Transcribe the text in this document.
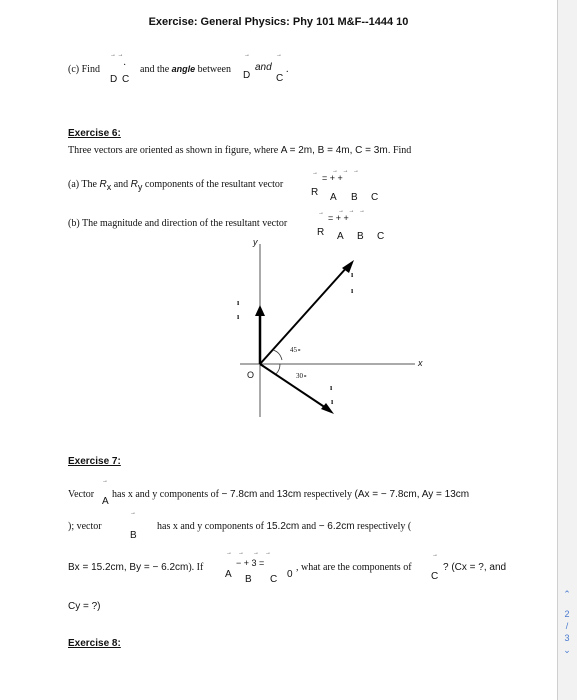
Exercise: General Physics: Phy 101 M&F--1444 10
(c) Find
→ →
·
D C
and the angle between
→
D
and
→
C
.
Exercise 6:
Three vectors are oriented as shown in figure, where A = 2m, B = 4m, C = 3m. Find
(a) The $R_x$ and $R_y$ components of the resultant vector
→ = + +
→   →   →
R A B C
(b) The magnitude and direction of the resultant vector
→ = + +
→   →   →
R A B C
y
x
O
45∘
30∘
ı
ı
ı
ı
ı
ı
Exercise 7:
Vector
→
A
has x and y components of − 7.8cm and 13cm respectively (Ax = − 7.8cm, Ay = 13cm
); vector
→
B
has x and y components of 15.2cm and − 6.2cm respectively (
Bx = 15.2cm, By = − 6.2cm). If
→    →      →    →
− + 3 =
A B C 0
, what are the components of
→
C
? (Cx = ?, and
Cy = ?)
Exercise 8:
⌃
2
/
3
⌄
